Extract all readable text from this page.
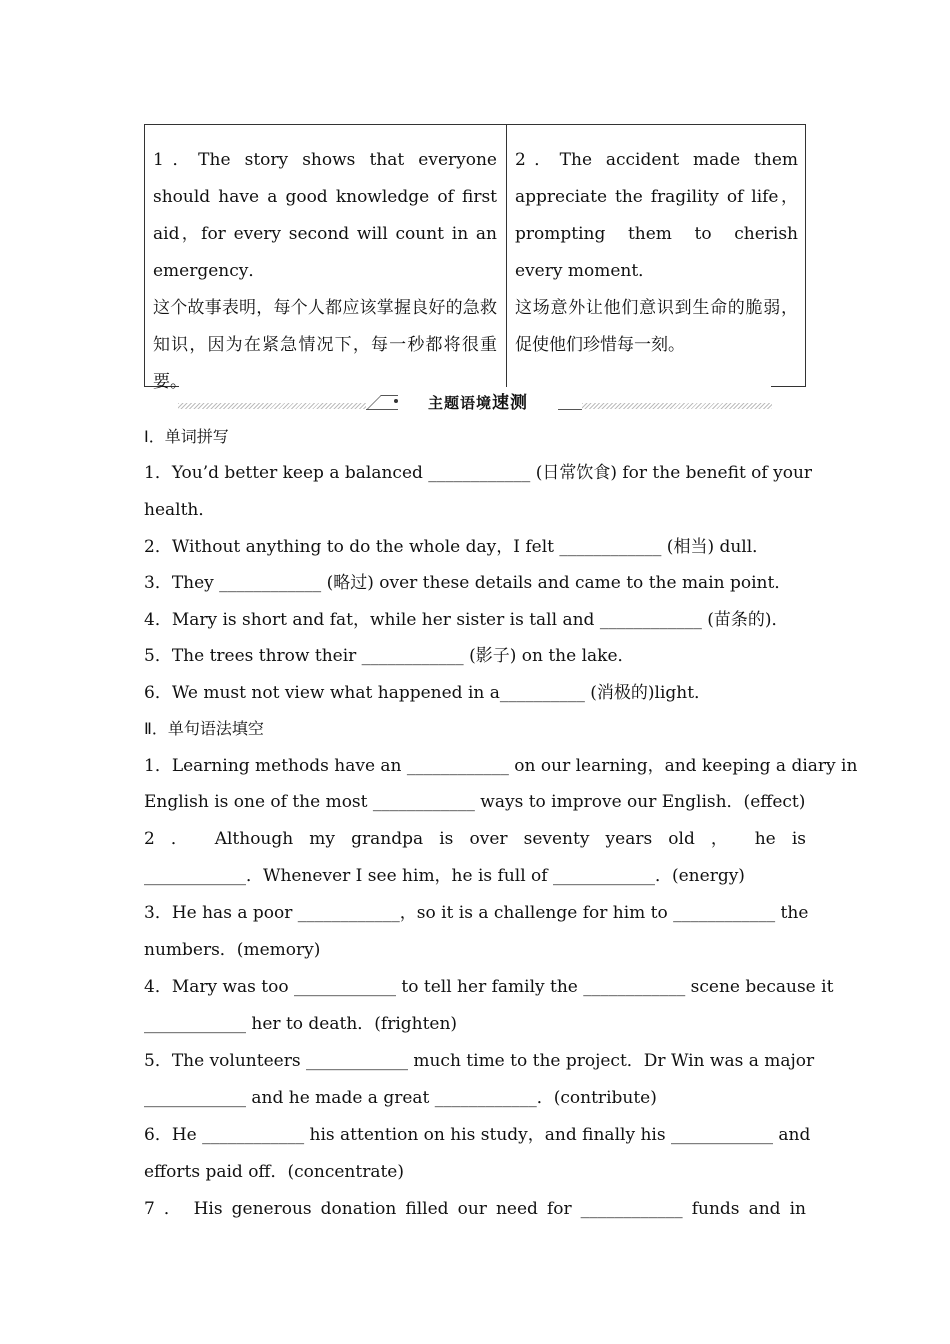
1．The story shows that everyone should have a good knowledge of first aid，for every second will count in an emergency．

这个故事表明，每个人都应该掌握良好的急救知识，因为在紧急情况下，每一秒都将很重要。

2．The accident made them appreciate the fragility of life，prompting them to cherish every moment．

这场意外让他们意识到生命的脆弱，促使他们珍惜每一刻。

主题语境速测
Ⅰ．单词拼写
1．You’d better keep a balanced ____________ (日常饮食) for the benefit of your
health．
2．Without anything to do the whole day，I felt ____________ (相当) dull．
3．They ____________ (略过) over these details and came to the main point．
4．Mary is short and fat，while her sister is tall and ____________ (苗条的)．
5．The trees throw their ____________ (影子) on the lake．
6．We must not view what happened in a__________ (消极的)light．
Ⅱ．单句语法填空
1．Learning methods have an ____________ on our learning，and keeping a diary in
English is one of the most ____________ ways to improve our English．(effect)
2 ． Although my grandpa is over seventy years old ， he is
____________．Whenever I see him，he is full of ____________．(energy)
3．He has a poor ____________，so it is a challenge for him to ____________ the
numbers．(memory)
4．Mary was too ____________ to tell her family the ____________ scene because it
____________ her to death．(frighten)
5．The volunteers ____________ much time to the project．Dr Win was a major
____________ and he made a great ____________．(contribute)
6．He ____________ his attention on his study，and finally his ____________ and
efforts paid off．(concentrate)
7 ． His generous donation filled our need for ____________ funds and in
